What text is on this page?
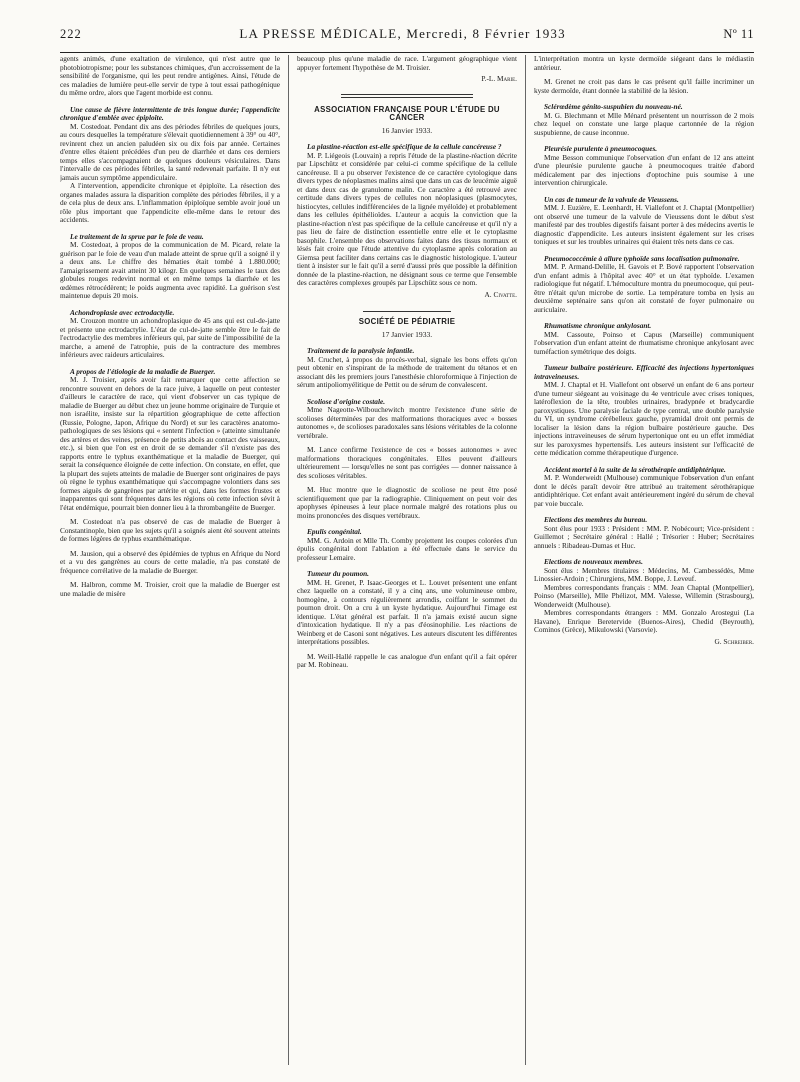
222	LA PRESSE MÉDICALE, Mercredi, 8 Février 1933	Nº 11

agents animés, d'une exaltation de virulence, qui n'est autre que le photobiotropisme; pour les substances chimiques, d'un accroissement de la sensibilité de l'organisme, qui les peut rendre antigènes. Ainsi, l'étude de ces maladies de lumière peut-elle servir de type à tout essai pathogénique du même ordre, alors que l'agent morbide est connu.

Une cause de fièvre intermittente de très longue durée; l'appendicite chronique d'emblée avec épiploïte.

M. Costedoat. Pendant dix ans des périodes fébriles de quelques jours, au cours desquelles la température s'élevait quotidiennement à 39° ou 40°, revinrent chez un ancien paludéen six ou dix fois par année. Certaines d'entre elles étaient précédées d'un peu de diarrhée et dans ces derniers temps elles s'accompagnaient de quelques douleurs vésiculaires. Dans l'intervalle de ces périodes fébriles, la santé redevenait parfaite. Il n'y eut jamais aucun symptôme appendiculaire.

A l'intervention, appendicite chronique et épiploïte. La résection des organes malades assura la disparition complète des périodes fébriles, il y a de cela plus de deux ans. L'inflammation épiploïque semble avoir joué un rôle plus important que l'appendicite elle-même dans le retour des accidents.

Le traitement de la sprue par le foie de veau.

M. Costedoat, à propos de la communication de M. Picard, relate la guérison par le foie de veau d'un malade atteint de sprue qu'il a soigné il y a deux ans. Le chiffre des hématies était tombé à 1.880.000; l'amaigrissement avait atteint 30 kilogr. En quelques semaines le taux des globules rouges redevint normal et en même temps la diarrhée et les œdèmes rétrocédèrent; le poids augmenta avec rapidité. La guérison s'est maintenue depuis 20 mois.

Achondroplasie avec ectrodactylie.

M. Crouzon montre un achondroplasique de 45 ans qui est cul-de-jatte et présente une ectrodactylie. L'état de cul-de-jatte semble être le fait de l'ectrodactylie des membres inférieurs qui, par suite de l'impossibilité de la marche, a amené de l'atrophie, puis de la contracture des membres inférieurs avec raideurs articulaires.

A propos de l'étiologie de la maladie de Buerger.

M. J. Troisier, après avoir fait remarquer que cette affection se rencontre souvent en dehors de la race juive, à laquelle on peut contester d'ailleurs le caractère de race, qui vient d'observer un cas typique de maladie de Buerger au début chez un jeune homme originaire de Turquie et non israélite, insiste sur la répartition géographique de cette affection (Russie, Pologne, Japon, Afrique du Nord) et sur les caractères anatomo-pathologiques de ses lésions qui « sentent l'infection » (atteinte simultanée des artères et des veines, présence de petits abcès au contact des vaisseaux, etc.), si bien que l'on est en droit de se demander s'il n'existe pas des rapports entre le typhus exanthématique et la maladie de Buerger, qui serait la conséquence éloignée de cette infection. On constate, en effet, que la plupart des sujets atteints de maladie de Buerger sont originaires de pays où règne le typhus exanthématique qui s'accompagne volontiers dans ses formes aiguës de gangrènes par artérite et qui, dans les formes frustes et inapparentes qui sont fréquentes dans les régions où cette infection sévit à l'état endémique, pourrait bien donner lieu à la thrombangéite de Buerger.

M. Costedoat n'a pas observé de cas de maladie de Buerger à Constantinople, bien que les sujets qu'il a soignés aient été souvent atteints de formes légères de typhus exanthématique.

M. Jausion, qui a observé des épidémies de typhus en Afrique du Nord et a vu des gangrènes au cours de cette maladie, n'a pas constaté de fréquence corrélative de la maladie de Buerger.

M. Halbron, comme M. Troisier, croit que la maladie de Buerger est une maladie de misère

beaucoup plus qu'une maladie de race. L'argument géographique vient appuyer fortement l'hypothèse de M. Troisier.

P.-L. Marie.

ASSOCIATION FRANÇAISE POUR L'ÉTUDE DU CANCER

16 Janvier 1933.

La plastine-réaction est-elle spécifique de la cellule cancéreuse ?

M. P. Liégeois (Louvain) a repris l'étude de la plastine-réaction décrite par Lipschütz et considérée par celui-ci comme spécifique de la cellule cancéreuse. Il a pu observer l'existence de ce caractère cytologique dans divers types de néoplasmes malins ainsi que dans un cas de leucémie aiguë et dans deux cas de granulome malin. Ce caractère a été retrouvé avec certitude dans divers types de cellules non néoplasiques (plasmocytes, histiocytes, cellules indifférenciées de la lignée myéloïde) et probablement dans les cellules épithélioïdes. L'auteur a acquis la conviction que la plastine-réaction n'est pas spécifique de la cellule cancéreuse et qu'il n'y a pas lieu de faire de distinction essentielle entre elle et le cytoplasme basophile. L'ensemble des observations faites dans des tissus normaux et lésés fait croire que l'étude attentive du cytoplasme après coloration au Giemsa peut faciliter dans certains cas le diagnostic histologique. L'auteur tient à insister sur le fait qu'il a serré d'aussi près que possible la définition donnée de la plastine-réaction, ne désignant sous ce terme que l'ensemble des caractères complexes groupés par Lipschütz sous ce nom.

A. Civatte.

SOCIÉTÉ DE PÉDIATRIE

17 Janvier 1933.

Traitement de la paralysie infantile.

M. Cruchet, à propos du procès-verbal, signale les bons effets qu'on peut obtenir en s'inspirant de la méthode de traitement du tétanos et en associant dès les premiers jours l'anesthésie chloroformique à l'injection de sérum antipoliomyélitique de Pettit ou de sérum de convalescent.

Scoliose d'origine costale.

Mme Nageotte-Wilbouchewitch montre l'existence d'une série de scolioses déterminées par des malformations thoraciques avec « bosses autonomes », de scolioses paradoxales sans lésions véritables de la colonne vertébrale.

M. Lance confirme l'existence de ces « bosses autonomes » avec malformations thoraciques congénitales. Elles peuvent d'ailleurs ultérieurement — lorsqu'elles ne sont pas corrigées — donner naissance à des scolioses véritables.

M. Huc montre que le diagnostic de scoliose ne peut être posé scientifiquement que par la radiographie. Cliniquement on peut voir des apophyses épineuses à leur place normale malgré des rotations plus ou moins prononcées des disques vertébraux.

Epulis congénital.

MM. G. Ardoin et Mlle Th. Comby projettent les coupes colorées d'un épulis congénital dont l'ablation a été effectuée dans le service du professeur Lemaire.

Tumeur du poumon.

MM. H. Grenet, P. Isaac-Georges et L. Louvet présentent une enfant chez laquelle on a constaté, il y a cinq ans, une volumineuse ombre, homogène, à contours régulièrement arrondis, coiffant le sommet du poumon droit. On a cru à un kyste hydatique. Aujourd'hui l'image est identique. L'état général est parfait. Il n'a jamais existé aucun signe d'intoxication hydatique. Il n'y a pas d'éosinophilie. Les réactions de Weinberg et de Casoni sont négatives. Les auteurs discutent les différentes interprétations possibles.

M. Weill-Hallé rappelle le cas analogue d'un enfant qu'il a fait opérer par M. Robineau.

L'interprétation montra un kyste dermoïde siégeant dans le médiastin antérieur.

M. Grenet ne croit pas dans le cas présent qu'il faille incriminer un kyste dermoïde, étant donnée la stabilité de la lésion.

Sclérœdème génito-suspubien du nouveau-né.

M. G. Blechmann et Mlle Ménard présentent un nourrisson de 2 mois chez lequel on constate une large plaque cartonnée de la région suspubienne, de cause inconnue.

Pleurésie purulente à pneumocoques.

Mme Besson communique l'observation d'un enfant de 12 ans atteint d'une pleurésie purulente gauche à pneumocoques traitée d'abord médicalement par des injections d'optochine puis soumise à une intervention chirurgicale.

Un cas de tumeur de la valvule de Vieussens.

MM. J. Euzière, E. Leenhardt, H. Viallefont et J. Chaptal (Montpellier) ont observé une tumeur de la valvule de Vieussens dont le début s'est manifesté par des troubles digestifs faisant porter à des médecins avertis le diagnostic d'appendicite. Les auteurs insistent également sur les crises toniques et sur les troubles urinaires qui étaient très nets dans ce cas.

Pneumococcémie à allure typhoïde sans localisation pulmonaire.

MM. P. Armand-Delille, H. Gavois et P. Bové rapportent l'observation d'un enfant admis à l'hôpital avec 40° et un état typhoïde. L'examen radiologique fut négatif. L'hémoculture montra du pneumocoque, qui peut-être n'était qu'un microbe de sortie. La température tomba en lysis au deuxième septénaire sans qu'on ait constaté de foyer pulmonaire ou auriculaire.

Rhumatisme chronique ankylosant.

MM. Cassoute, Poinso et Capus (Marseille) communiquent l'observation d'un enfant atteint de rhumatisme chronique ankylosant avec tuméfaction symétrique des doigts.

Tumeur bulbaire postérieure. Efficacité des injections hypertoniques intraveineuses.

MM. J. Chaptal et H. Viallefont ont observé un enfant de 6 ans porteur d'une tumeur siégeant au voisinage du 4e ventricule avec crises toniques, latéroflexion de la tête, troubles urinaires, bradypnée et bradycardie paroxystiques. Une paralysie faciale de type central, une double paralysie du VI, un syndrome cérébelleux gauche, pyramidal droit ont permis de localiser la lésion dans la région bulbaire postérieure gauche. Des injections intraveineuses de sérum hypertonique ont eu un effet immédiat sur les paroxysmes hypertensifs. Les auteurs insistent sur l'efficacité de cette médication comme thérapeutique d'urgence.

Accident mortel à la suite de la sérothérapie antidiphtérique.

M. P. Wonderweidt (Mulhouse) communique l'observation d'un enfant dont le décès paraît devoir être attribué au traitement sérothérapique antidiphtérique. Cet enfant avait antérieurement ingéré du sérum de cheval par voie buccale.

Elections des membres du bureau.

Sont élus pour 1933 : Président : MM. P. Nobécourt; Vice-président : Guillemot ; Secrétaire général : Hallé ; Trésorier : Huber; Secrétaires annuels : Ribadeau-Dumas et Huc.

Elections de nouveaux membres.

Sont élus : Membres titulaires : Médecins, M. Cambessédès, Mme Linossier-Ardoin ; Chirurgiens, MM. Boppe, J. Leveuf.

Membres correspondants français : MM. Jean Chaptal (Montpellier), Poinso (Marseille), Mlle Phélizot, MM. Valesse, Willemin (Strasbourg), Wonderweidt (Mulhouse).

Membres correspondants étrangers : MM. Gonzalo Arostegui (La Havane), Enrique Beretervide (Buenos-Aires), Chedid (Beyrouth), Cominos (Grèce), Mikulowski (Varsovie).

G. Schreiber.
